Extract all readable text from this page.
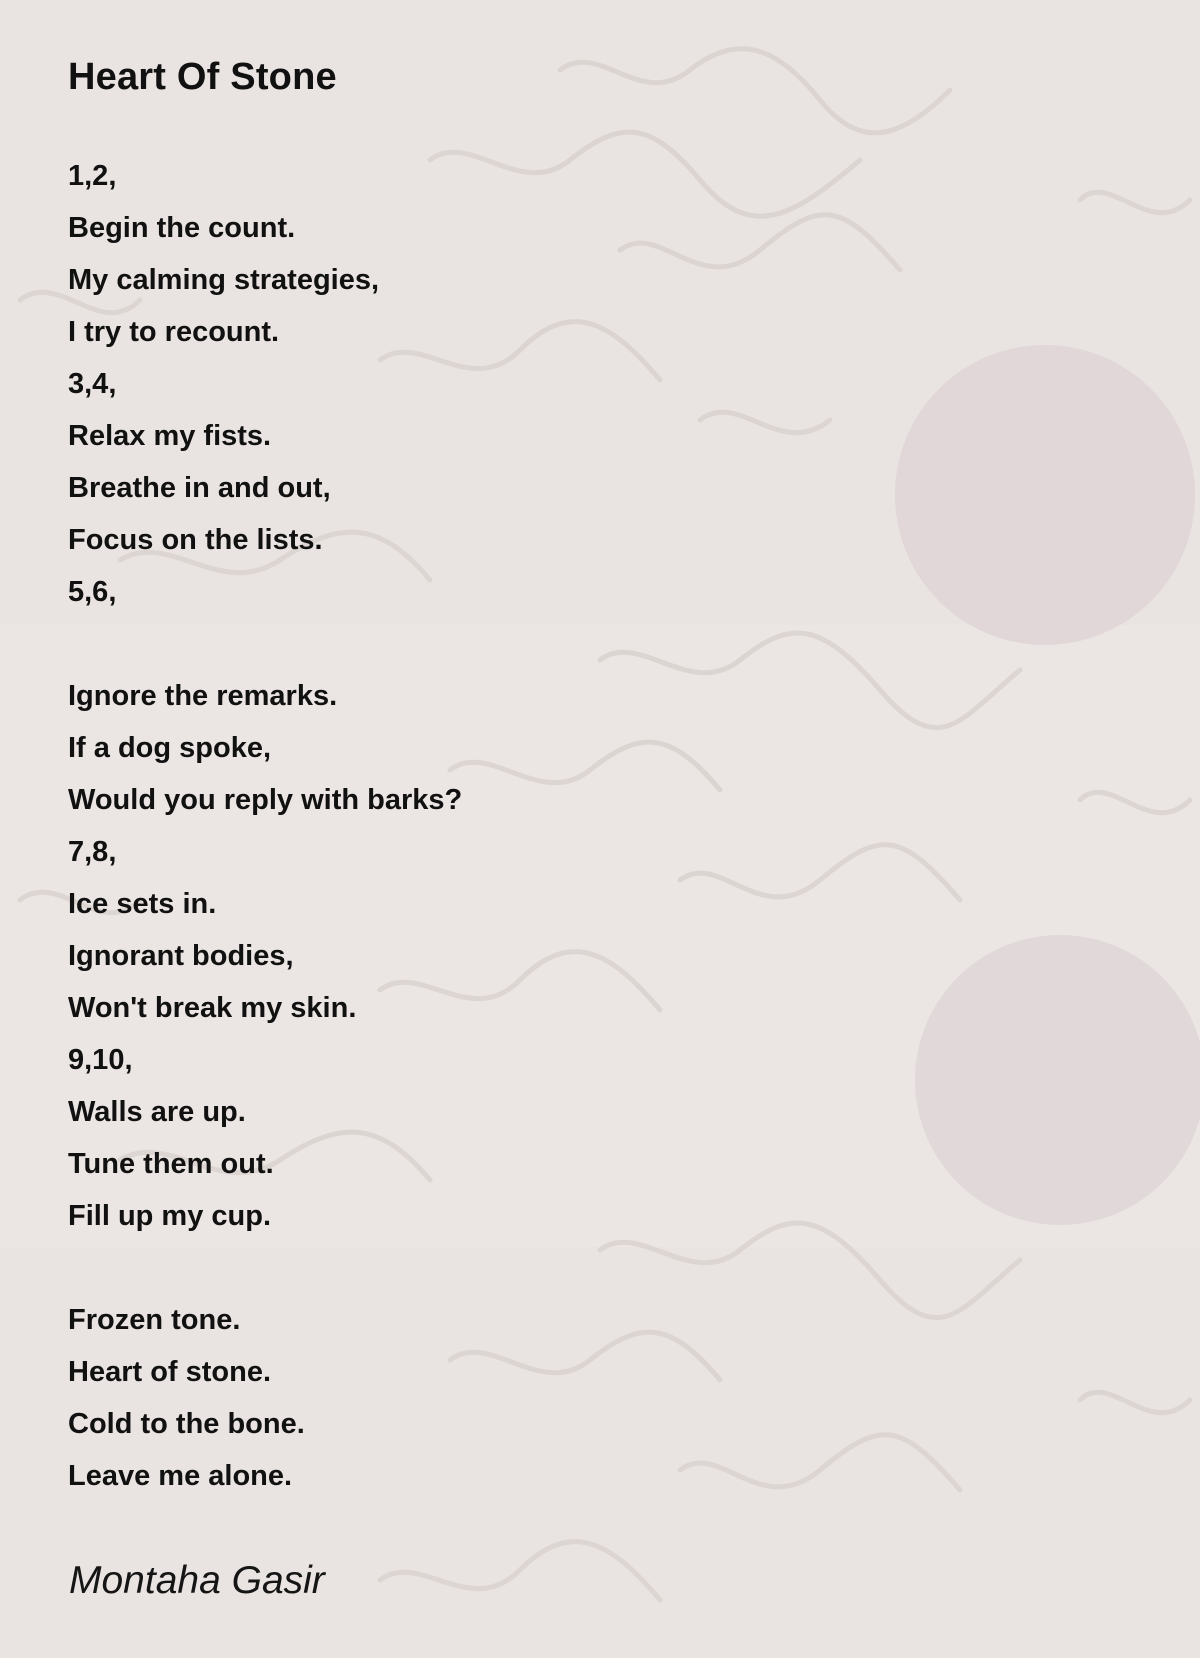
Heart Of Stone
1,2,
Begin the count.
My calming strategies,
I try to recount.
3,4,
Relax my fists.
Breathe in and out,
Focus on the lists.
5,6,
Ignore the remarks.
If a dog spoke,
Would you reply with barks?
7,8,
Ice sets in.
Ignorant bodies,
Won't break my skin.
9,10,
Walls are up.
Tune them out.
Fill up my cup.
Frozen tone.
Heart of stone.
Cold to the bone.
Leave me alone.
Montaha Gasir
